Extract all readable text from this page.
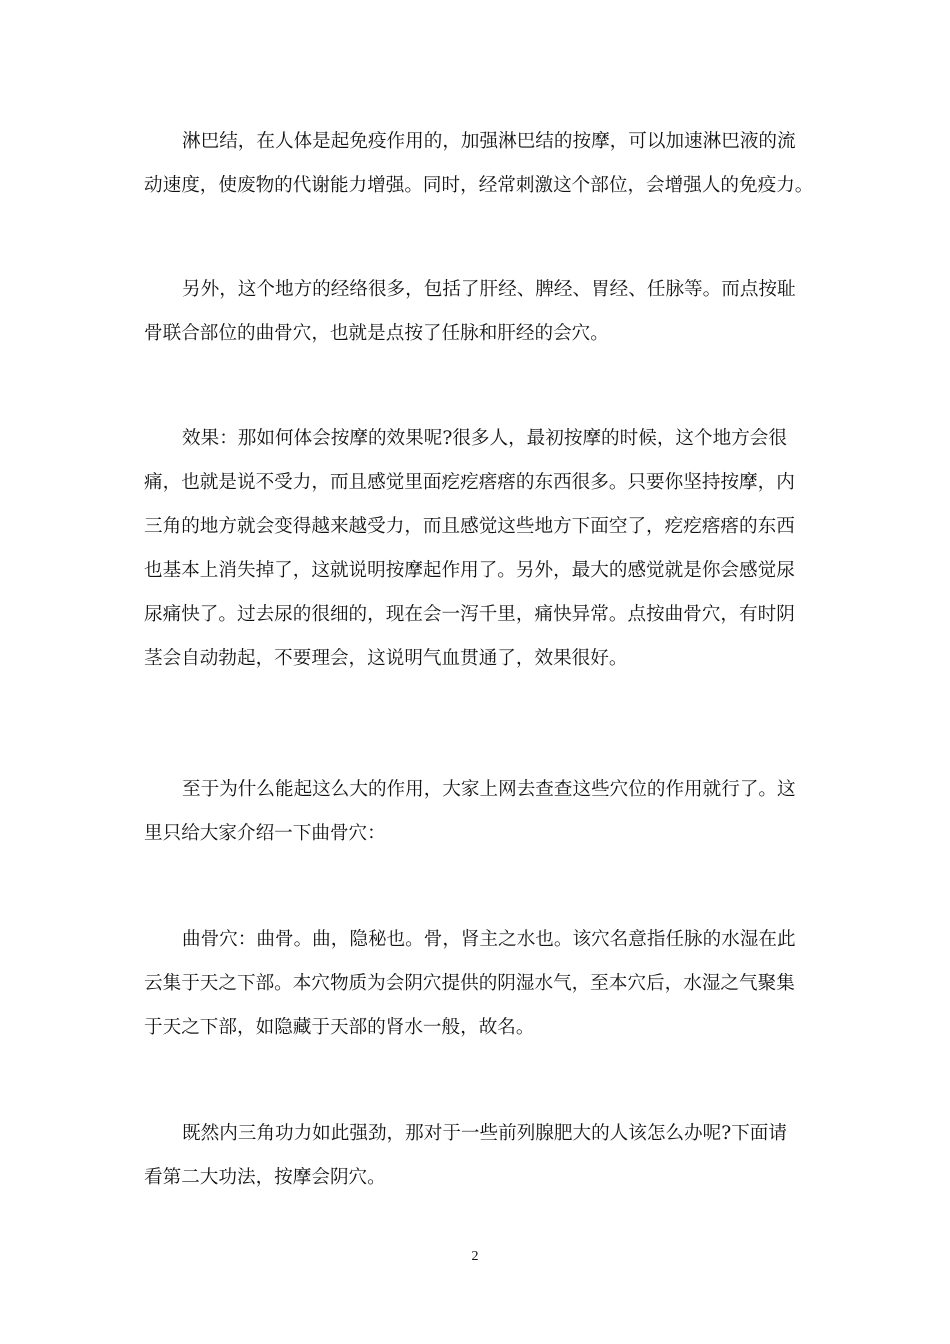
淋巴结，在人体是起免疫作用的，加强淋巴结的按摩，可以加速淋巴液的流
动速度，使废物的代谢能力增强。同时，经常刺激这个部位，会增强人的免疫力。

另外，这个地方的经络很多，包括了肝经、脾经、胃经、任脉等。而点按耻
骨联合部位的曲骨穴，也就是点按了任脉和肝经的会穴。

效果：那如何体会按摩的效果呢?很多人，最初按摩的时候，这个地方会很
痛，也就是说不受力，而且感觉里面疙疙瘩瘩的东西很多。只要你坚持按摩，内
三角的地方就会变得越来越受力，而且感觉这些地方下面空了，疙疙瘩瘩的东西
也基本上消失掉了，这就说明按摩起作用了。另外，最大的感觉就是你会感觉尿
尿痛快了。过去尿的很细的，现在会一泻千里，痛快异常。点按曲骨穴，有时阴
茎会自动勃起，不要理会，这说明气血贯通了，效果很好。

至于为什么能起这么大的作用，大家上网去查查这些穴位的作用就行了。这
里只给大家介绍一下曲骨穴：

曲骨穴：曲骨。曲，隐秘也。骨，肾主之水也。该穴名意指任脉的水湿在此
云集于天之下部。本穴物质为会阴穴提供的阴湿水气，至本穴后，水湿之气聚集
于天之下部，如隐藏于天部的肾水一般，故名。

既然内三角功力如此强劲，那对于一些前列腺肥大的人该怎么办呢?下面请
看第二大功法，按摩会阴穴。

2
